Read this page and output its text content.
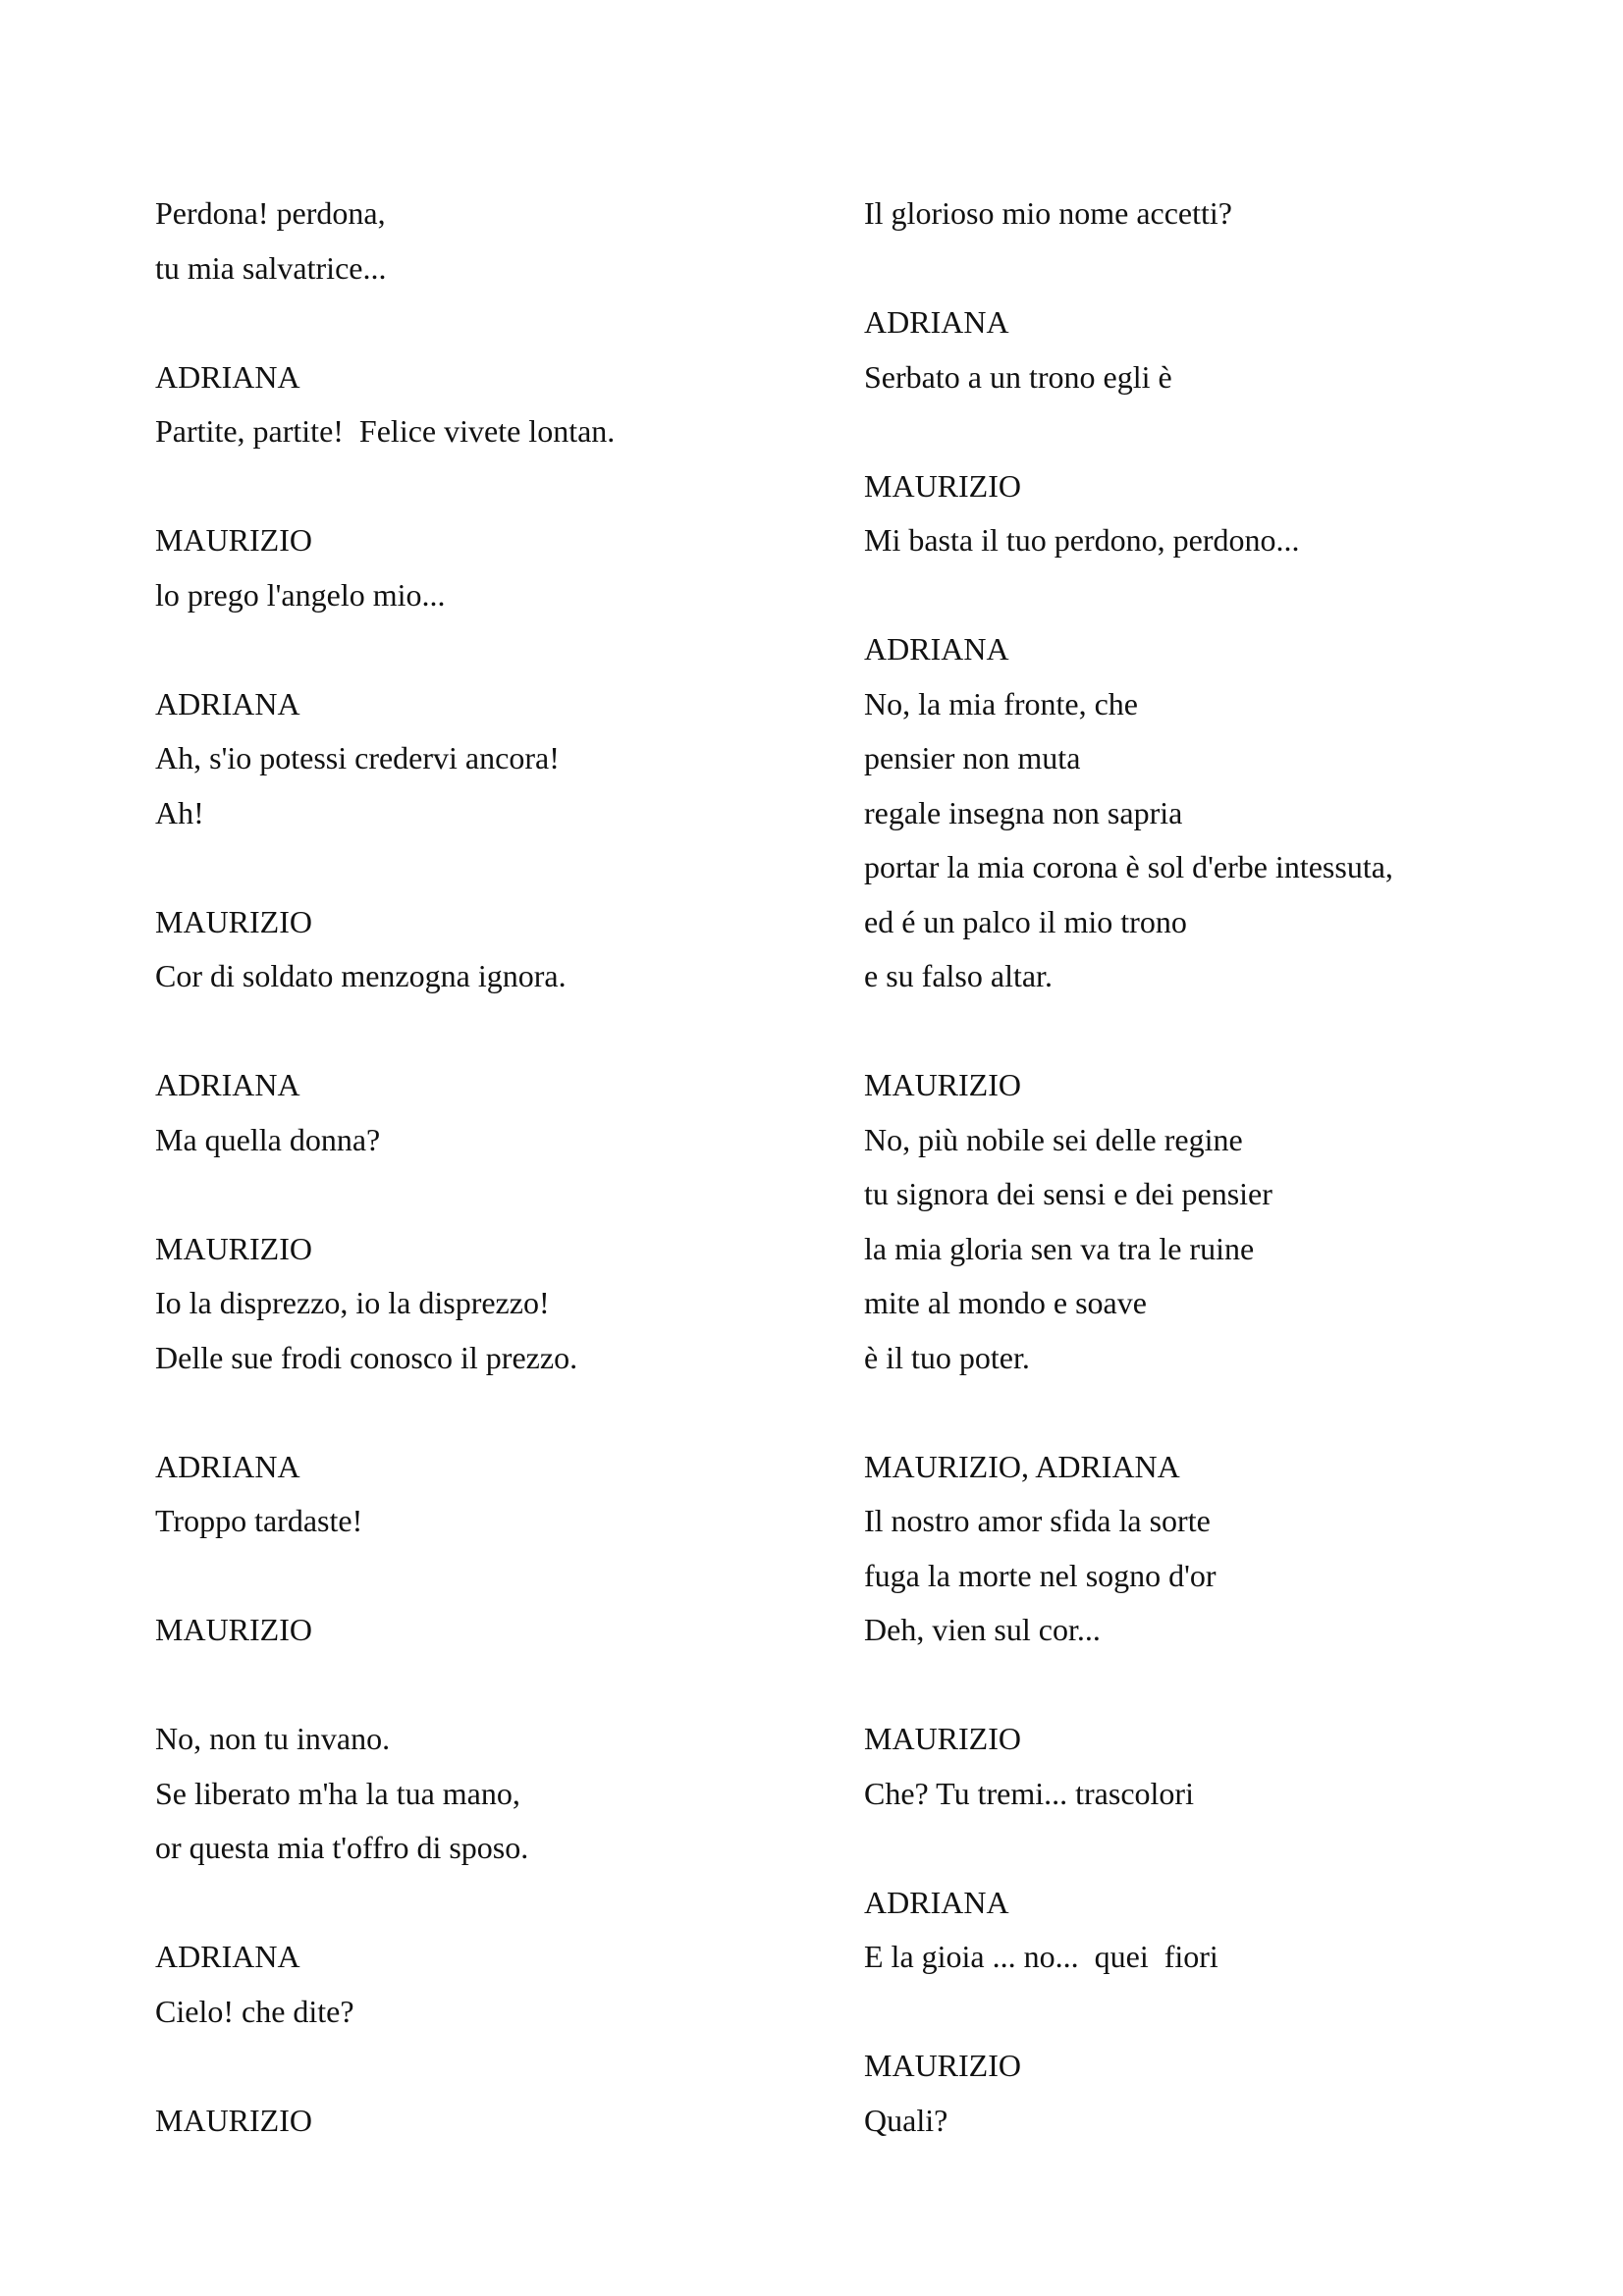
Perdona! perdona,
tu mia salvatrice...
ADRIANA
Partite, partite!  Felice vivete lontan.
MAURIZIO
lo prego l'angelo mio...
ADRIANA
Ah, s'io potessi credervi ancora!
Ah!
MAURIZIO
Cor di soldato menzogna ignora.
ADRIANA
Ma quella donna?
MAURIZIO
Io la disprezzo, io la disprezzo!
Delle sue frodi conosco il prezzo.
ADRIANA
Troppo tardaste!
MAURIZIO
No, non tu invano.
Se liberato m'ha la tua mano,
or questa mia t'offro di sposo.
ADRIANA
Cielo! che dite?
MAURIZIO
Il glorioso mio nome accetti?
ADRIANA
Serbato a un trono egli è
MAURIZIO
Mi basta il tuo perdono, perdono...
ADRIANA
No, la mia fronte, che
pensier non muta
regale insegna non sapria
portar la mia corona è sol d'erbe intessuta,
ed é un palco il mio trono
e su falso altar.
MAURIZIO
No, più nobile sei delle regine
tu signora dei sensi e dei pensier
la mia gloria sen va tra le ruine
mite al mondo e soave
è il tuo poter.
MAURIZIO, ADRIANA
Il nostro amor sfida la sorte
fuga la morte nel sogno d'or
Deh, vien sul cor...
MAURIZIO
Che? Tu tremi... trascolori
ADRIANA
E la gioia ... no...  quei  fiori
MAURIZIO
Quali?
